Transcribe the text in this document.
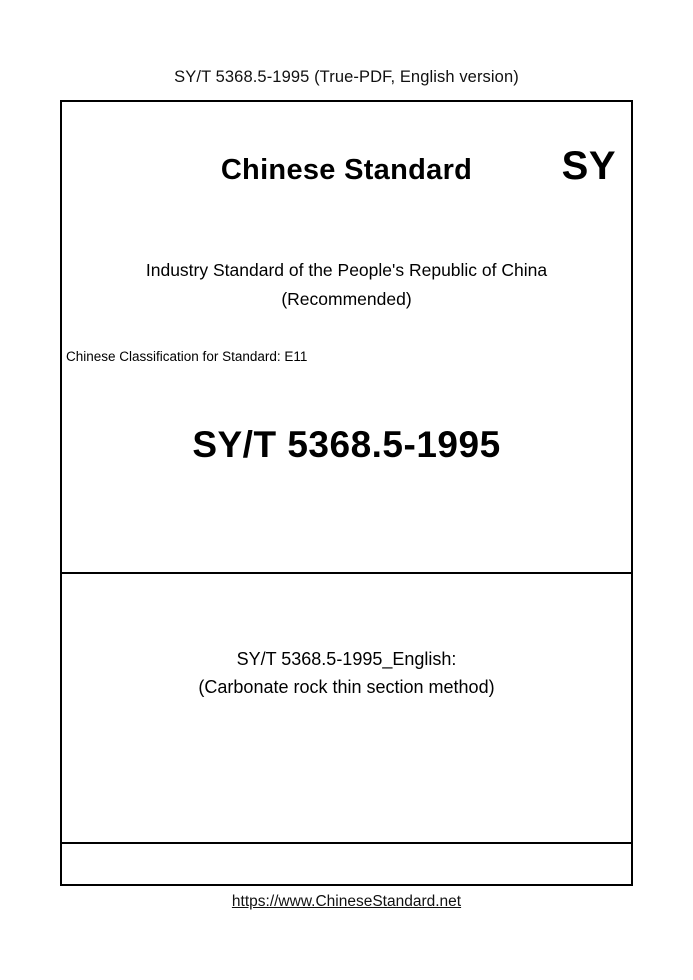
SY/T 5368.5-1995 (True-PDF, English version)
Chinese Standard	SY
Industry Standard of the People's Republic of China
(Recommended)
Chinese Classification for Standard: E11
SY/T 5368.5-1995
SY/T 5368.5-1995_English:
(Carbonate rock thin section method)
https://www.ChineseStandard.net
